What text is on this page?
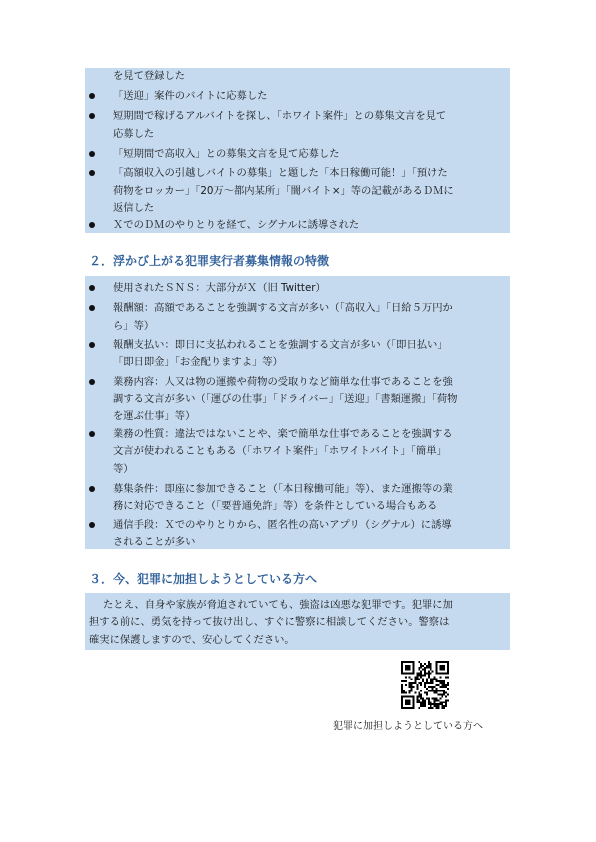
を見て登録した
「送迎」案件のバイトに応募した
短期間で稼げるアルバイトを探し、「ホワイト案件」との募集文言を見て
応募した
「短期間で高収入」との募集文言を見て応募した
「高額収入の引越しバイトの募集」と題した「本日稼働可能！」「預けた
荷物をロッカー」「20万～都内某所」「闇バイト×」等の記載があるＤＭに
返信した
ＸでのＤＭのやりとりを経て、シグナルに誘導された
２．浮かび上がる犯罪実行者募集情報の特徴
使用されたＳＮＳ：大部分がＸ（旧 Twitter）
報酬額：高額であることを強調する文言が多い（「高収入」「日給５万円か
ら」等）
報酬支払い：即日に支払われることを強調する文言が多い（「即日払い」
「即日即金」「お金配りますよ」等）
業務内容：人又は物の運搬や荷物の受取りなど簡単な仕事であることを強
調する文言が多い（「運びの仕事」「ドライバー」「送迎」「書類運搬」「荷物
を運ぶ仕事」等）
業務の性質：違法ではないことや、楽で簡単な仕事であることを強調する
文言が使われることもある（「ホワイト案件」「ホワイトバイト」「簡単」
等）
募集条件：即座に参加できること（「本日稼働可能」等）、また運搬等の業
務に対応できること（「要普通免許」等）を条件としている場合もある
通信手段：Ｘでのやりとりから、匿名性の高いアプリ（シグナル）に誘導
されることが多い
３．今、犯罪に加担しようとしている方へ
たとえ、自身や家族が脅迫されていても、強盗は凶悪な犯罪です。犯罪に加
担する前に、勇気を持って抜け出し、すぐに警察に相談してください。警察は
確実に保護しますので、安心してください。
犯罪に加担しようとしている方へ
